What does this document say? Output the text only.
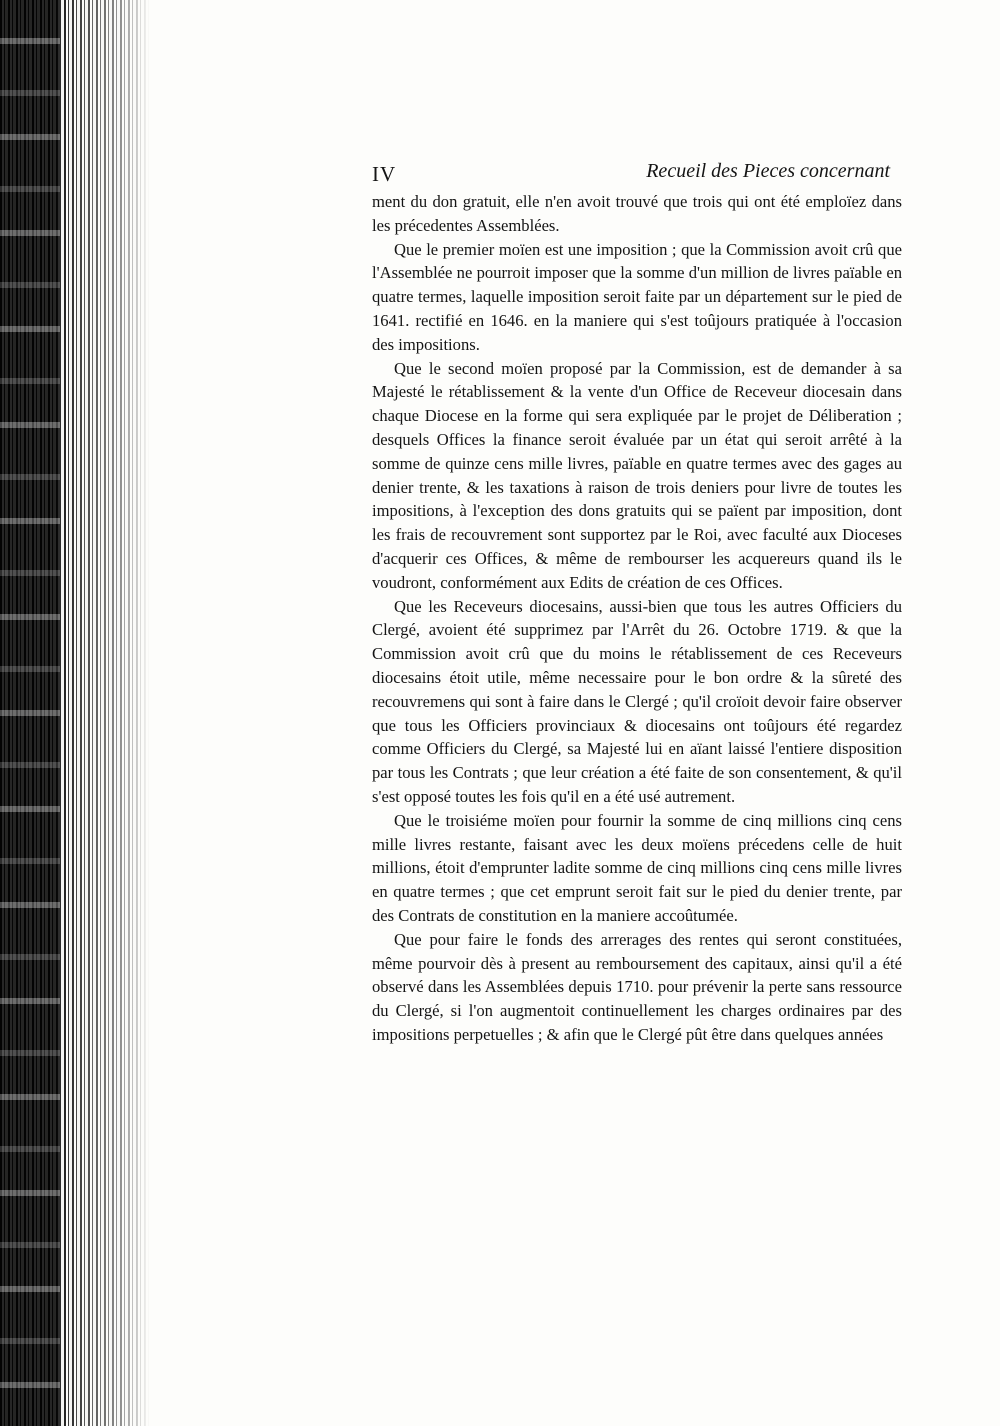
IV	Recueil des Pieces concernant

ment du don gratuit, elle n'en avoit trouvé que trois qui ont été emploïez dans les précedentes Assemblées.

Que le premier moïen est une imposition ; que la Commission avoit crû que l'Assemblée ne pourroit imposer que la somme d'un million de livres païable en quatre termes, laquelle imposition seroit faite par un département sur le pied de 1641. rectifié en 1646. en la maniere qui s'est toûjours pratiquée à l'occasion des impositions.

Que le second moïen proposé par la Commission, est de demander à sa Majesté le rétablissement & la vente d'un Office de Receveur diocesain dans chaque Diocese en la forme qui sera expliquée par le projet de Déliberation ; desquels Offices la finance seroit évaluée par un état qui seroit arrêté à la somme de quinze cens mille livres, païable en quatre termes avec des gages au denier trente, & les taxations à raison de trois deniers pour livre de toutes les impositions, à l'exception des dons gratuits qui se païent par imposition, dont les frais de recouvrement sont supportez par le Roi, avec faculté aux Dioceses d'acquerir ces Offices, & même de rembourser les acquereurs quand ils le voudront, conformément aux Edits de création de ces Offices.

Que les Receveurs diocesains, aussi-bien que tous les autres Officiers du Clergé, avoient été supprimez par l'Arrêt du 26. Octobre 1719. & que la Commission avoit crû que du moins le rétablissement de ces Receveurs diocesains étoit utile, même necessaire pour le bon ordre & la sûreté des recouvremens qui sont à faire dans le Clergé ; qu'il croïoit devoir faire observer que tous les Officiers provinciaux & diocesains ont toûjours été regardez comme Officiers du Clergé, sa Majesté lui en aïant laissé l'entiere disposition par tous les Contrats ; que leur création a été faite de son consentement, & qu'il s'est opposé toutes les fois qu'il en a été usé autrement.

Que le troisiéme moïen pour fournir la somme de cinq millions cinq cens mille livres restante, faisant avec les deux moïens précedens celle de huit millions, étoit d'emprunter ladite somme de cinq millions cinq cens mille livres en quatre termes ; que cet emprunt seroit fait sur le pied du denier trente, par des Contrats de constitution en la maniere accoûtumée.

Que pour faire le fonds des arrerages des rentes qui seront constituées, même pourvoir dès à present au remboursement des capitaux, ainsi qu'il a été observé dans les Assemblées depuis 1710. pour prévenir la perte sans ressource du Clergé, si l'on augmentoit continuellement les charges ordinaires par des impositions perpetuelles ; & afin que le Clergé pût être dans quelques années
